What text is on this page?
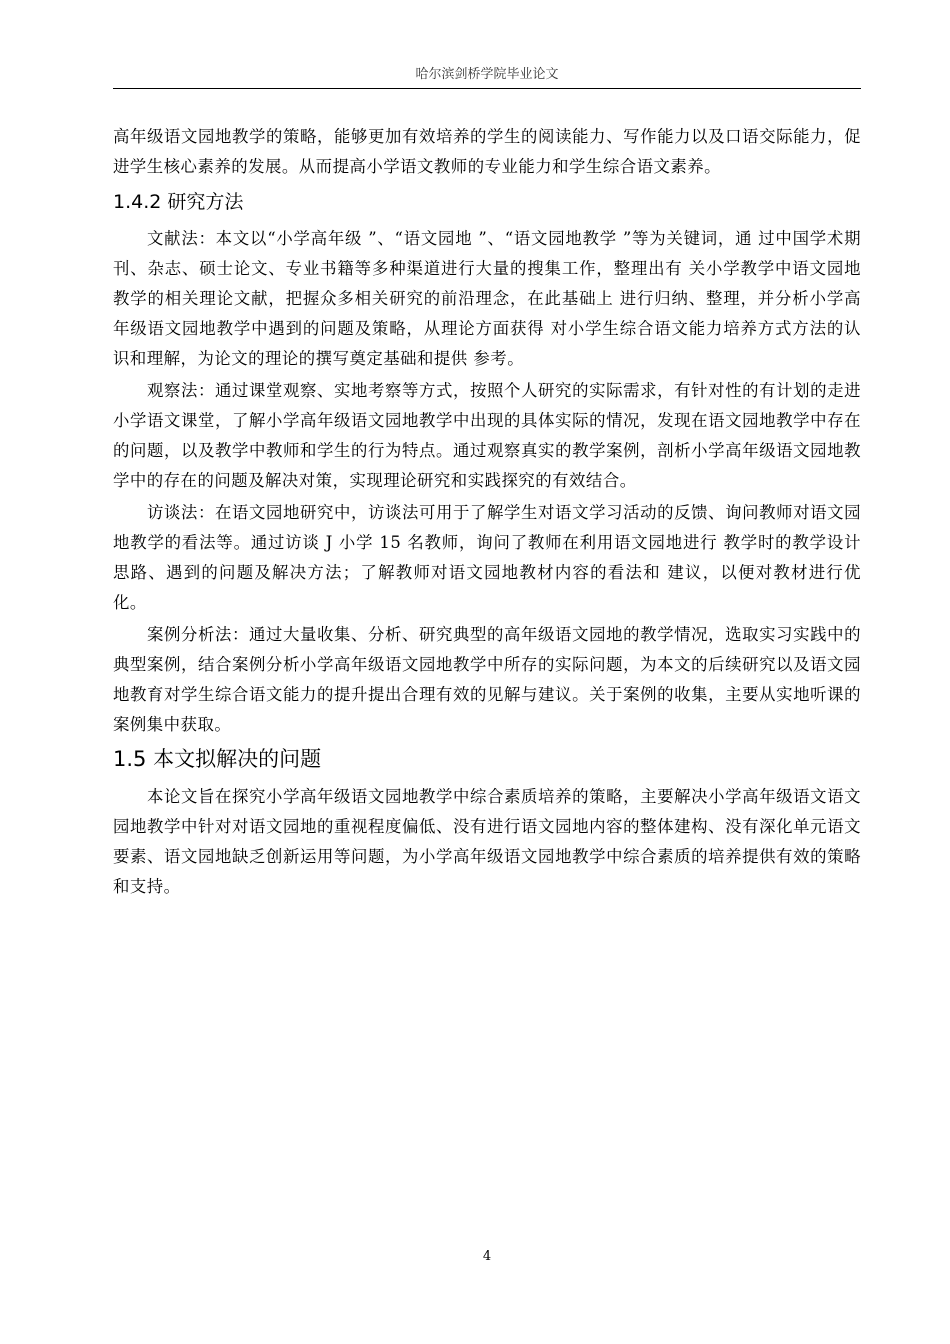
哈尔滨剑桥学院毕业论文

高年级语文园地教学的策略，能够更加有效培养的学生的阅读能力、写作能力以及口语交际能力，促进学生核心素养的发展。从而提高小学语文教师的专业能力和学生综合语文素养。

1.4.2 研究方法

文献法：本文以“小学高年级 ”、“语文园地 ”、“语文园地教学 ”等为关键词，通 过中国学术期刊、杂志、硕士论文、专业书籍等多种渠道进行大量的搜集工作，整理出有 关小学教学中语文园地教学的相关理论文献，把握众多相关研究的前沿理念，在此基础上 进行归纳、整理，并分析小学高年级语文园地教学中遇到的问题及策略，从理论方面获得 对小学生综合语文能力培养方式方法的认识和理解，为论文的理论的撰写奠定基础和提供 参考。

观察法：通过课堂观察、实地考察等方式，按照个人研究的实际需求，有针对性的有计划的走进小学语文课堂，了解小学高年级语文园地教学中出现的具体实际的情况，发现在语文园地教学中存在的问题，以及教学中教师和学生的行为特点。通过观察真实的教学案例，剖析小学高年级语文园地教学中的存在的问题及解决对策，实现理论研究和实践探究的有效结合。

访谈法：在语文园地研究中，访谈法可用于了解学生对语文学习活动的反馈、询问教师对语文园地教学的看法等。通过访谈 J 小学 15 名教师，询问了教师在利用语文园地进行 教学时的教学设计思路、遇到的问题及解决方法；了解教师对语文园地教材内容的看法和 建议，以便对教材进行优化。

案例分析法：通过大量收集、分析、研究典型的高年级语文园地的教学情况，选取实习实践中的典型案例，结合案例分析小学高年级语文园地教学中所存的实际问题，为本文的后续研究以及语文园地教育对学生综合语文能力的提升提出合理有效的见解与建议。关于案例的收集，主要从实地听课的案例集中获取。

1.5 本文拟解决的问题

本论文旨在探究小学高年级语文园地教学中综合素质培养的策略，主要解决小学高年级语文语文园地教学中针对对语文园地的重视程度偏低、没有进行语文园地内容的整体建构、没有深化单元语文要素、语文园地缺乏创新运用等问题，为小学高年级语文园地教学中综合素质的培养提供有效的策略和支持。

4
